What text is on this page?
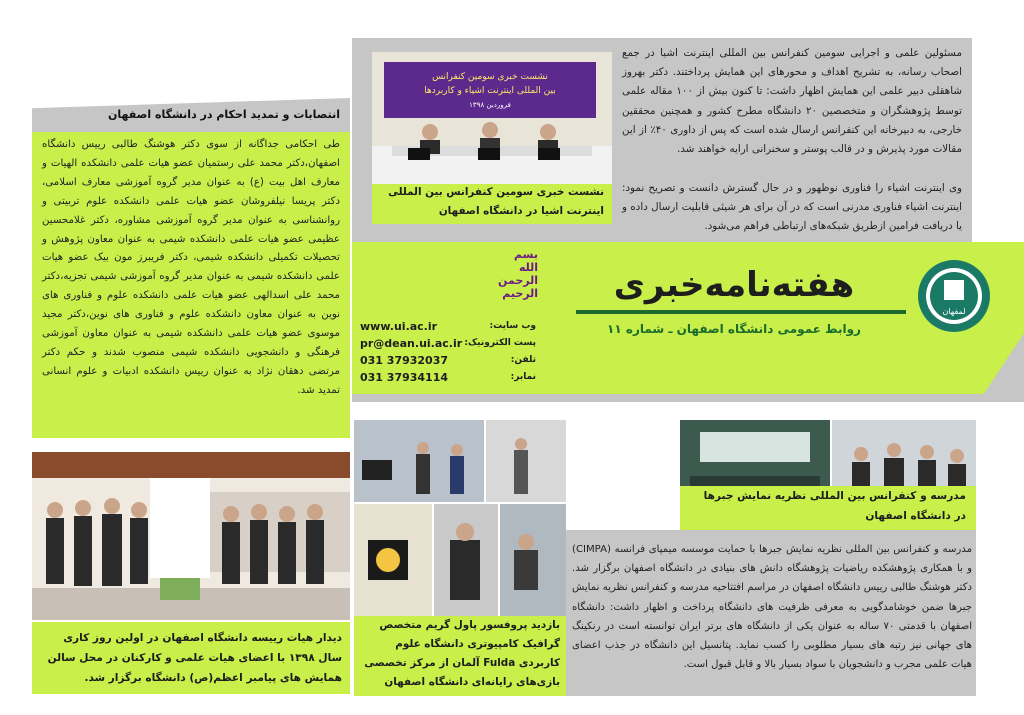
نشست خبری سومین کنفرانس
بین المللی اینترنت اشیاء و کاربردها
فروردین ۱۳۹۸
نشست خبری سومین کنفرانس بین المللی اینترنت اشیا در دانشگاه اصفهان
مسئولین علمی و اجرایی سومین کنفرانس بین المللی اینترنت اشیا در جمع اصحاب رسانه، به تشریح اهداف و محورهای این همایش پرداختند. دکتر بهروز شاهقلی دبیر علمی این همایش اظهار داشت: تا کنون بیش از ۱۰۰ مقاله علمی توسط پژوهشگران و متخصصین ۲۰ دانشگاه مطرح کشور و همچنین محققین خارجی، به دبیرخانه این کنفرانس ارسال شده است که پس از داوری ۴۰٪ از این مقالات مورد پذیرش و در قالب پوستر و سخنرانی ارایه خواهند شد.
وی اینترنت اشیاء را فناوری نوظهور و در حال گسترش دانست و تصریح نمود: اینترنت اشیاء فناوری مدرنی است که در آن برای هر شیئی قابلیت ارسال داده و یا دریافت فرامین ازطریق شبکه‌های ارتباطی فراهم می‌شود.
لمفهان
هفته‌نامه‌خبری
روابط عمومی دانشگاه اصفهان ـ شماره ۱۱
بسم
الله
الرحمن
الرحیم
وب سایت:
www.ui.ac.ir
پست الکترونیک:
pr@dean.ui.ac.ir
تلفن:
031 37932037
نمابر:
031 37934114
انتصابات و تمدید احکام در دانشگاه اصفهان
طی احکامی جداگانه از سوی دکتر هوشنگ طالبی رییس دانشگاه اصفهان،دکتر محمد علی رستمیان عضو هیات علمی دانشکده الهیات و معارف اهل بیت (ع) به عنوان مدیر گروه آموزشی معارف اسلامی، دکتر پریسا نیلفروشان عضو هیات علمی دانشکده علوم تربیتی و روانشناسی به عنوان مدیر گروه آموزشی مشاوره، دکتر غلامحسین عظیمی عضو هیات علمی دانشکده شیمی به عنوان معاون پژوهش و تحصیلات تکمیلی دانشکده شیمی، دکتر فریبرز مون بیک عضو هیات علمی دانشکده شیمی به عنوان مدیر گروه آموزشی شیمی تجزیه،دکتر محمد علی اسدالهی عضو هیات علمی دانشکده علوم و فناوری های نوین به عنوان معاون دانشکده علوم و فناوری های نوین،دکتر مجید موسوی عضو هیات علمی دانشکده شیمی به عنوان معاون آموزشی فرهنگی و دانشجویی دانشکده شیمی منصوب شدند و حکم دکتر مرتضی دهقان نژاد به عنوان رییس دانشکده ادبیات و علوم انسانی تمدید شد.
دیدار هیات رییسه دانشگاه اصفهان در اولین روز کاری سال ۱۳۹۸ با اعضای هیات علمی و کارکنان در محل سالن همایش های پیامبر اعظم(ص) دانشگاه برگزار شد.
بازدید پروفسور پاول گریم متخصص گرافیک کامپیوتری دانشگاه علوم کاربردی Fulda آلمان از مرکز تخصصی بازی‌های رایانه‌ای دانشگاه اصفهان
مدرسه و کنفرانس بین المللی نظریه نمایش جبرها در دانشگاه اصفهان
مدرسه و کنفرانس بین المللی نظریه نمایش جبرها با حمایت موسسه میمپای فرانسه (CIMPA) و با همکاری پژوهشکده ریاضیات پژوهشگاه دانش های بنیادی در دانشگاه اصفهان برگزار شد. دکتر هوشنگ طالبی رییس دانشگاه اصفهان در مراسم افتتاحیه مدرسه و کنفرانس نظریه نمایش جبرها ضمن خوشامدگویی به معرفی ظرفیت های دانشگاه پرداخت و اظهار داشت: دانشگاه اصفهان با قدمتی ۷۰ ساله به عنوان یکی از دانشگاه های برتر ایران توانسته است در رنکینگ های جهانی نیز رتبه های بسیار مطلوبی را کسب نماید. پتانسیل این دانشگاه در جذب اعضای هیات علمی مجرب و دانشجویان با سواد بسیار بالا و قابل قبول است.
